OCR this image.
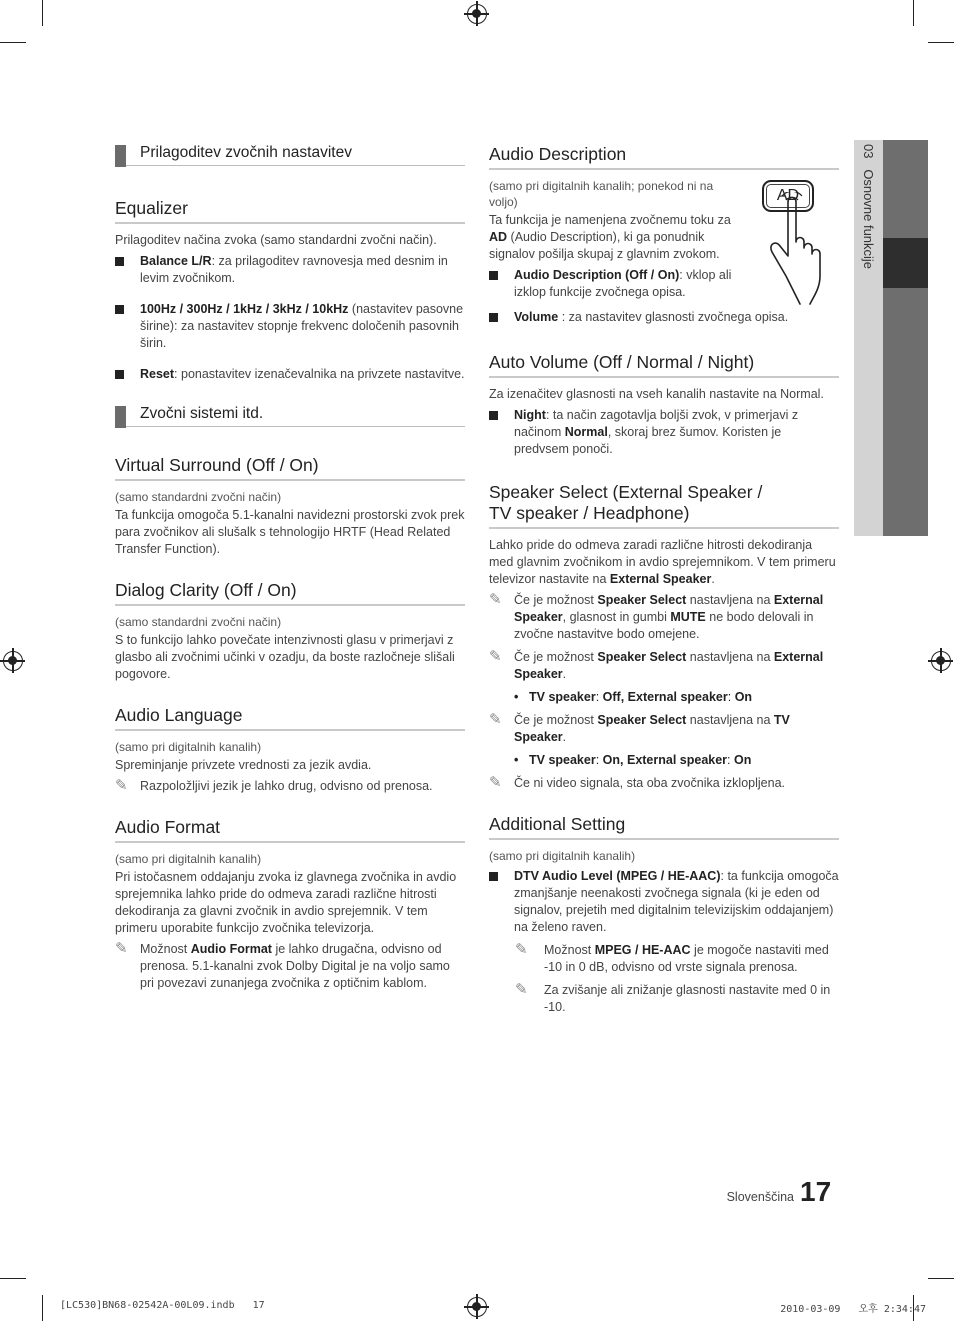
03   Osnovne funkcije
Prilagoditev zvočnih nastavitev
Equalizer
Prilagoditev načina zvoka (samo standardni zvočni način).
Balance L/R: za prilagoditev ravnovesja med desnim in levim zvočnikom.
100Hz / 300Hz / 1kHz / 3kHz / 10kHz (nastavitev pasovne širine): za nastavitev stopnje frekvenc določenih pasovnih širin.
Reset: ponastavitev izenačevalnika na privzete nastavitve.
Zvočni sistemi itd.
Virtual Surround (Off / On)
(samo standardni zvočni način)
Ta funkcija omogoča 5.1-kanalni navidezni prostorski zvok prek para zvočnikov ali slušalk s tehnologijo HRTF (Head Related Transfer Function).
Dialog Clarity (Off / On)
(samo standardni zvočni način)
S to funkcijo lahko povečate intenzivnosti glasu v primerjavi z glasbo ali zvočnimi učinki v ozadju, da boste razločneje slišali pogovore.
Audio Language
(samo pri digitalnih kanalih)
Spreminjanje privzete vrednosti za jezik avdia.
✎ Razpoložljivi jezik je lahko drug, odvisno od prenosa.
Audio Format
(samo pri digitalnih kanalih)
Pri istočasnem oddajanju zvoka iz glavnega zvočnika in avdio sprejemnika lahko pride do odmeva zaradi različne hitrosti dekodiranja za glavni zvočnik in avdio sprejemnik. V tem primeru uporabite funkcijo zvočnika televizorja.
✎ Možnost Audio Format je lahko drugačna, odvisno od prenosa. 5.1-kanalni zvok Dolby Digital je na voljo samo pri povezavi zunanjega zvočnika z optičnim kablom.
Audio Description
(samo pri digitalnih kanalih; ponekod ni na voljo)
Ta funkcija je namenjena zvočnemu toku za AD (Audio Description), ki ga ponudnik signalov pošilja skupaj z glavnim zvokom.
Audio Description (Off / On): vklop ali izklop funkcije zvočnega opisa.
Volume : za nastavitev glasnosti zvočnega opisa.
AD
Auto Volume (Off / Normal / Night)
Za izenačitev glasnosti na vseh kanalih nastavite na Normal.
Night: ta način zagotavlja boljši zvok, v primerjavi z načinom Normal, skoraj brez šumov. Koristen je predvsem ponoči.
Speaker Select (External Speaker /
TV speaker / Headphone)
Lahko pride do odmeva zaradi različne hitrosti dekodiranja med glavnim zvočnikom in avdio sprejemnikom. V tem primeru televizor nastavite na External Speaker.
✎ Če je možnost Speaker Select nastavljena na External Speaker, glasnost in gumbi MUTE ne bodo delovali in zvočne nastavitve bodo omejene.
✎ Če je možnost Speaker Select nastavljena na External Speaker.
• TV speaker: Off, External speaker: On
✎ Če je možnost Speaker Select nastavljena na TV Speaker.
• TV speaker: On, External speaker: On
✎ Če ni video signala, sta oba zvočnika izklopljena.
Additional Setting
(samo pri digitalnih kanalih)
DTV Audio Level (MPEG / HE-AAC): ta funkcija omogoča zmanjšanje neenakosti zvočnega signala (ki je eden od signalov, prejetih med digitalnim televizijskim oddajanjem) na želeno raven.
✎ Možnost MPEG / HE-AAC je mogoče nastaviti med -10 in 0 dB, odvisno od vrste signala prenosa.
✎ Za zvišanje ali znižanje glasnosti nastavite med 0 in -10.
Slovenščina 17
[LC530]BN68-02542A-00L09.indb   17	2010-03-09   오후 2:34:47
